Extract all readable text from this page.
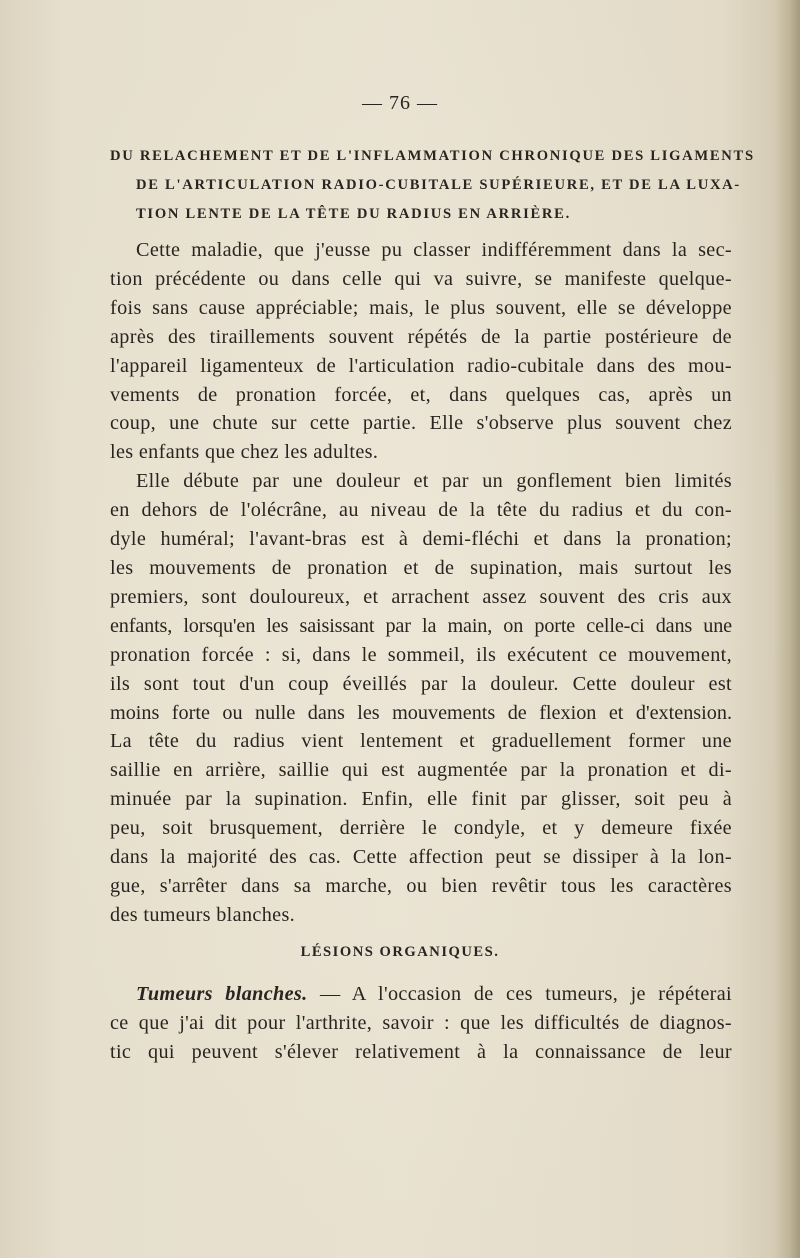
— 76 —
DU RELACHEMENT ET DE L'INFLAMMATION CHRONIQUE DES LIGAMENTS
DE L'ARTICULATION RADIO-CUBITALE SUPÉRIEURE, ET DE LA LUXA-
TION LENTE DE LA TÊTE DU RADIUS EN ARRIÈRE.
Cette maladie, que j'eusse pu classer indifféremment dans la sec-
tion précédente ou dans celle qui va suivre, se manifeste quelque-
fois sans cause appréciable; mais, le plus souvent, elle se développe
après des tiraillements souvent répétés de la partie postérieure de
l'appareil ligamenteux de l'articulation radio-cubitale dans des mou-
vements de pronation forcée, et, dans quelques cas, après un
coup, une chute sur cette partie. Elle s'observe plus souvent chez
les enfants que chez les adultes.
Elle débute par une douleur et par un gonflement bien limités
en dehors de l'olécrâne, au niveau de la tête du radius et du con-
dyle huméral; l'avant-bras est à demi-fléchi et dans la pronation;
les mouvements de pronation et de supination, mais surtout les
premiers, sont douloureux, et arrachent assez souvent des cris aux
enfants, lorsqu'en les saisissant par la main, on porte celle-ci dans une
pronation forcée : si, dans le sommeil, ils exécutent ce mouvement,
ils sont tout d'un coup éveillés par la douleur. Cette douleur est
moins forte ou nulle dans les mouvements de flexion et d'extension.
La tête du radius vient lentement et graduellement former une
saillie en arrière, saillie qui est augmentée par la pronation et di-
minuée par la supination. Enfin, elle finit par glisser, soit peu à
peu, soit brusquement, derrière le condyle, et y demeure fixée
dans la majorité des cas. Cette affection peut se dissiper à la lon-
gue, s'arrêter dans sa marche, ou bien revêtir tous les caractères
des tumeurs blanches.
LÉSIONS ORGANIQUES.
Tumeurs blanches. — A l'occasion de ces tumeurs, je répéterai
ce que j'ai dit pour l'arthrite, savoir : que les difficultés de diagnos-
tic qui peuvent s'élever relativement à la connaissance de leur
